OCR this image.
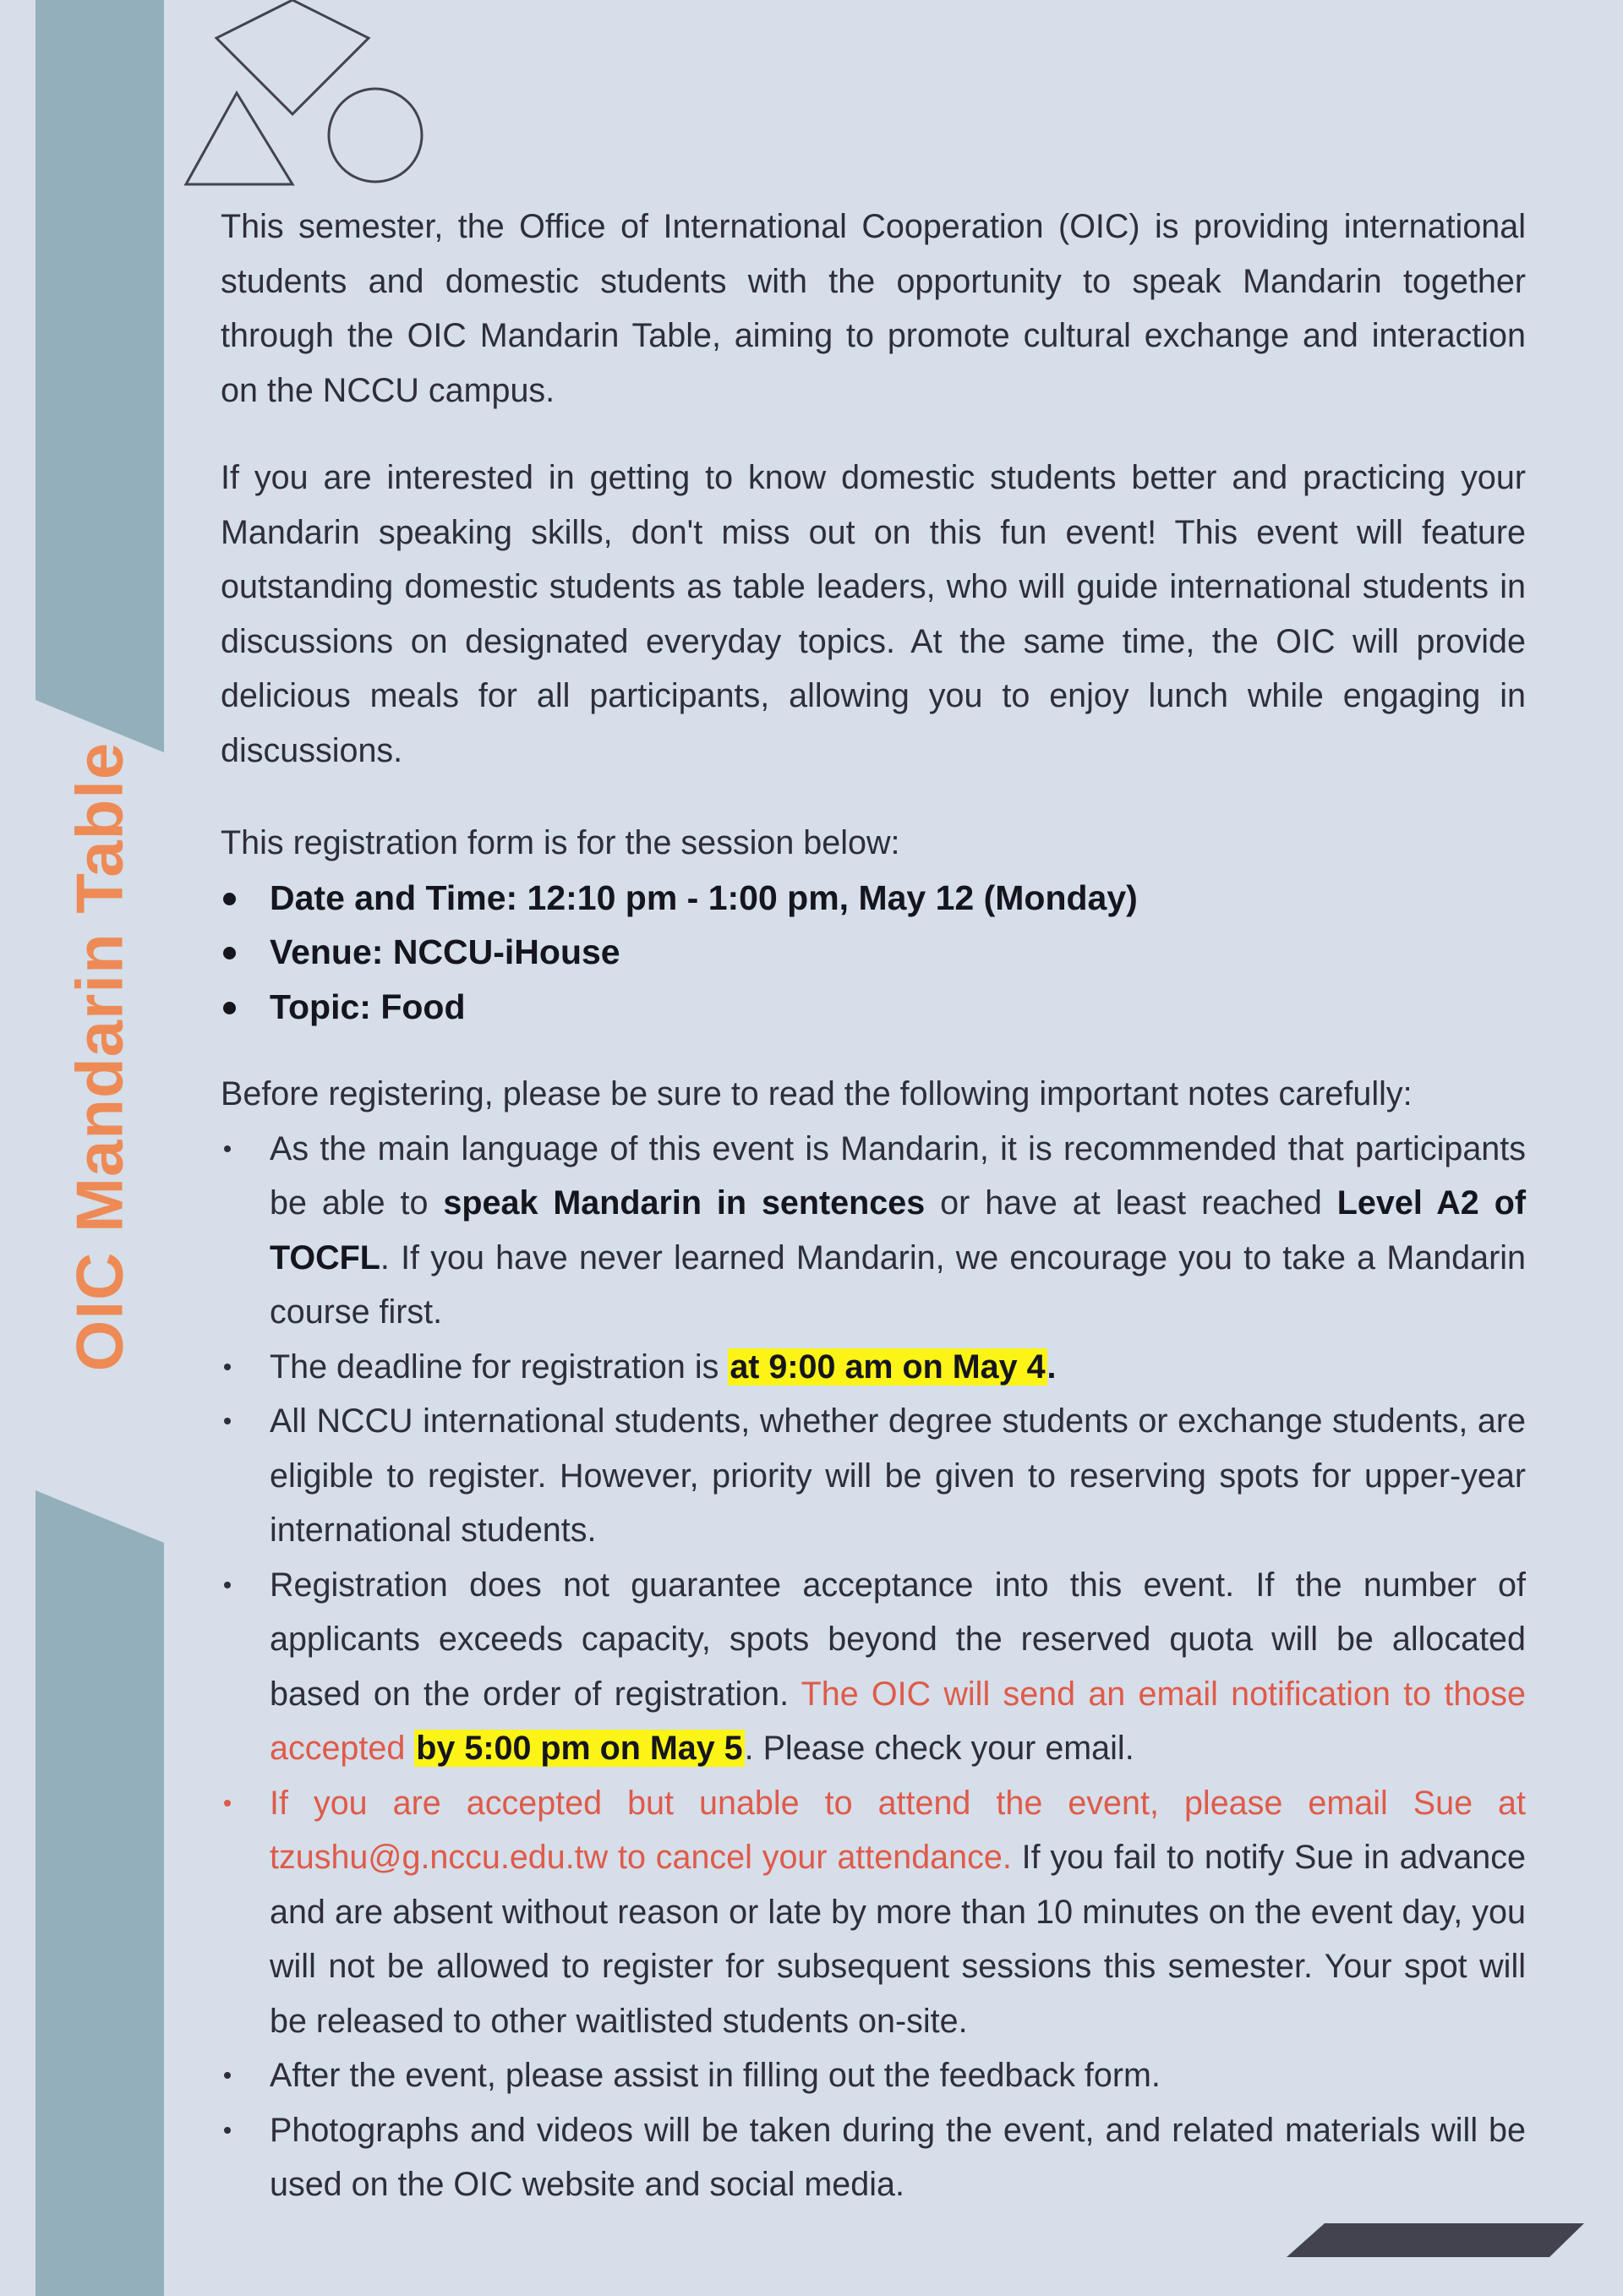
OIC Mandarin Table

This semester, the Office of International Cooperation (OIC) is providing international students and domestic students with the opportunity to speak Mandarin together through the OIC Mandarin Table, aiming to promote cultural exchange and interaction on the NCCU campus.

If you are interested in getting to know domestic students better and practicing your Mandarin speaking skills, don't miss out on this fun event! This event will feature outstanding domestic students as table leaders, who will guide international students in discussions on designated everyday topics. At the same time, the OIC will provide delicious meals for all participants, allowing you to enjoy lunch while engaging in discussions.

This registration form is for the session below:

Date and Time: 12:10 pm - 1:00 pm, May 12 (Monday)
Venue: NCCU-iHouse
Topic: Food

Before registering, please be sure to read the following important notes carefully:

As the main language of this event is Mandarin, it is recommended that participants be able to speak Mandarin in sentences or have at least reached Level A2 of TOCFL. If you have never learned Mandarin, we encourage you to take a Mandarin course first.
The deadline for registration is at 9:00 am on May 4.
All NCCU international students, whether degree students or exchange students, are eligible to register. However, priority will be given to reserving spots for upper-year international students.
Registration does not guarantee acceptance into this event. If the number of applicants exceeds capacity, spots beyond the reserved quota will be allocated based on the order of registration. The OIC will send an email notification to those accepted by 5:00 pm on May 5. Please check your email.
If you are accepted but unable to attend the event, please email Sue at tzushu@g.nccu.edu.tw to cancel your attendance. If you fail to notify Sue in advance and are absent without reason or late by more than 10 minutes on the event day, you will not be allowed to register for subsequent sessions this semester. Your spot will be released to other waitlisted students on-site.
After the event, please assist in filling out the feedback form.
Photographs and videos will be taken during the event, and related materials will be used on the OIC website and social media.
